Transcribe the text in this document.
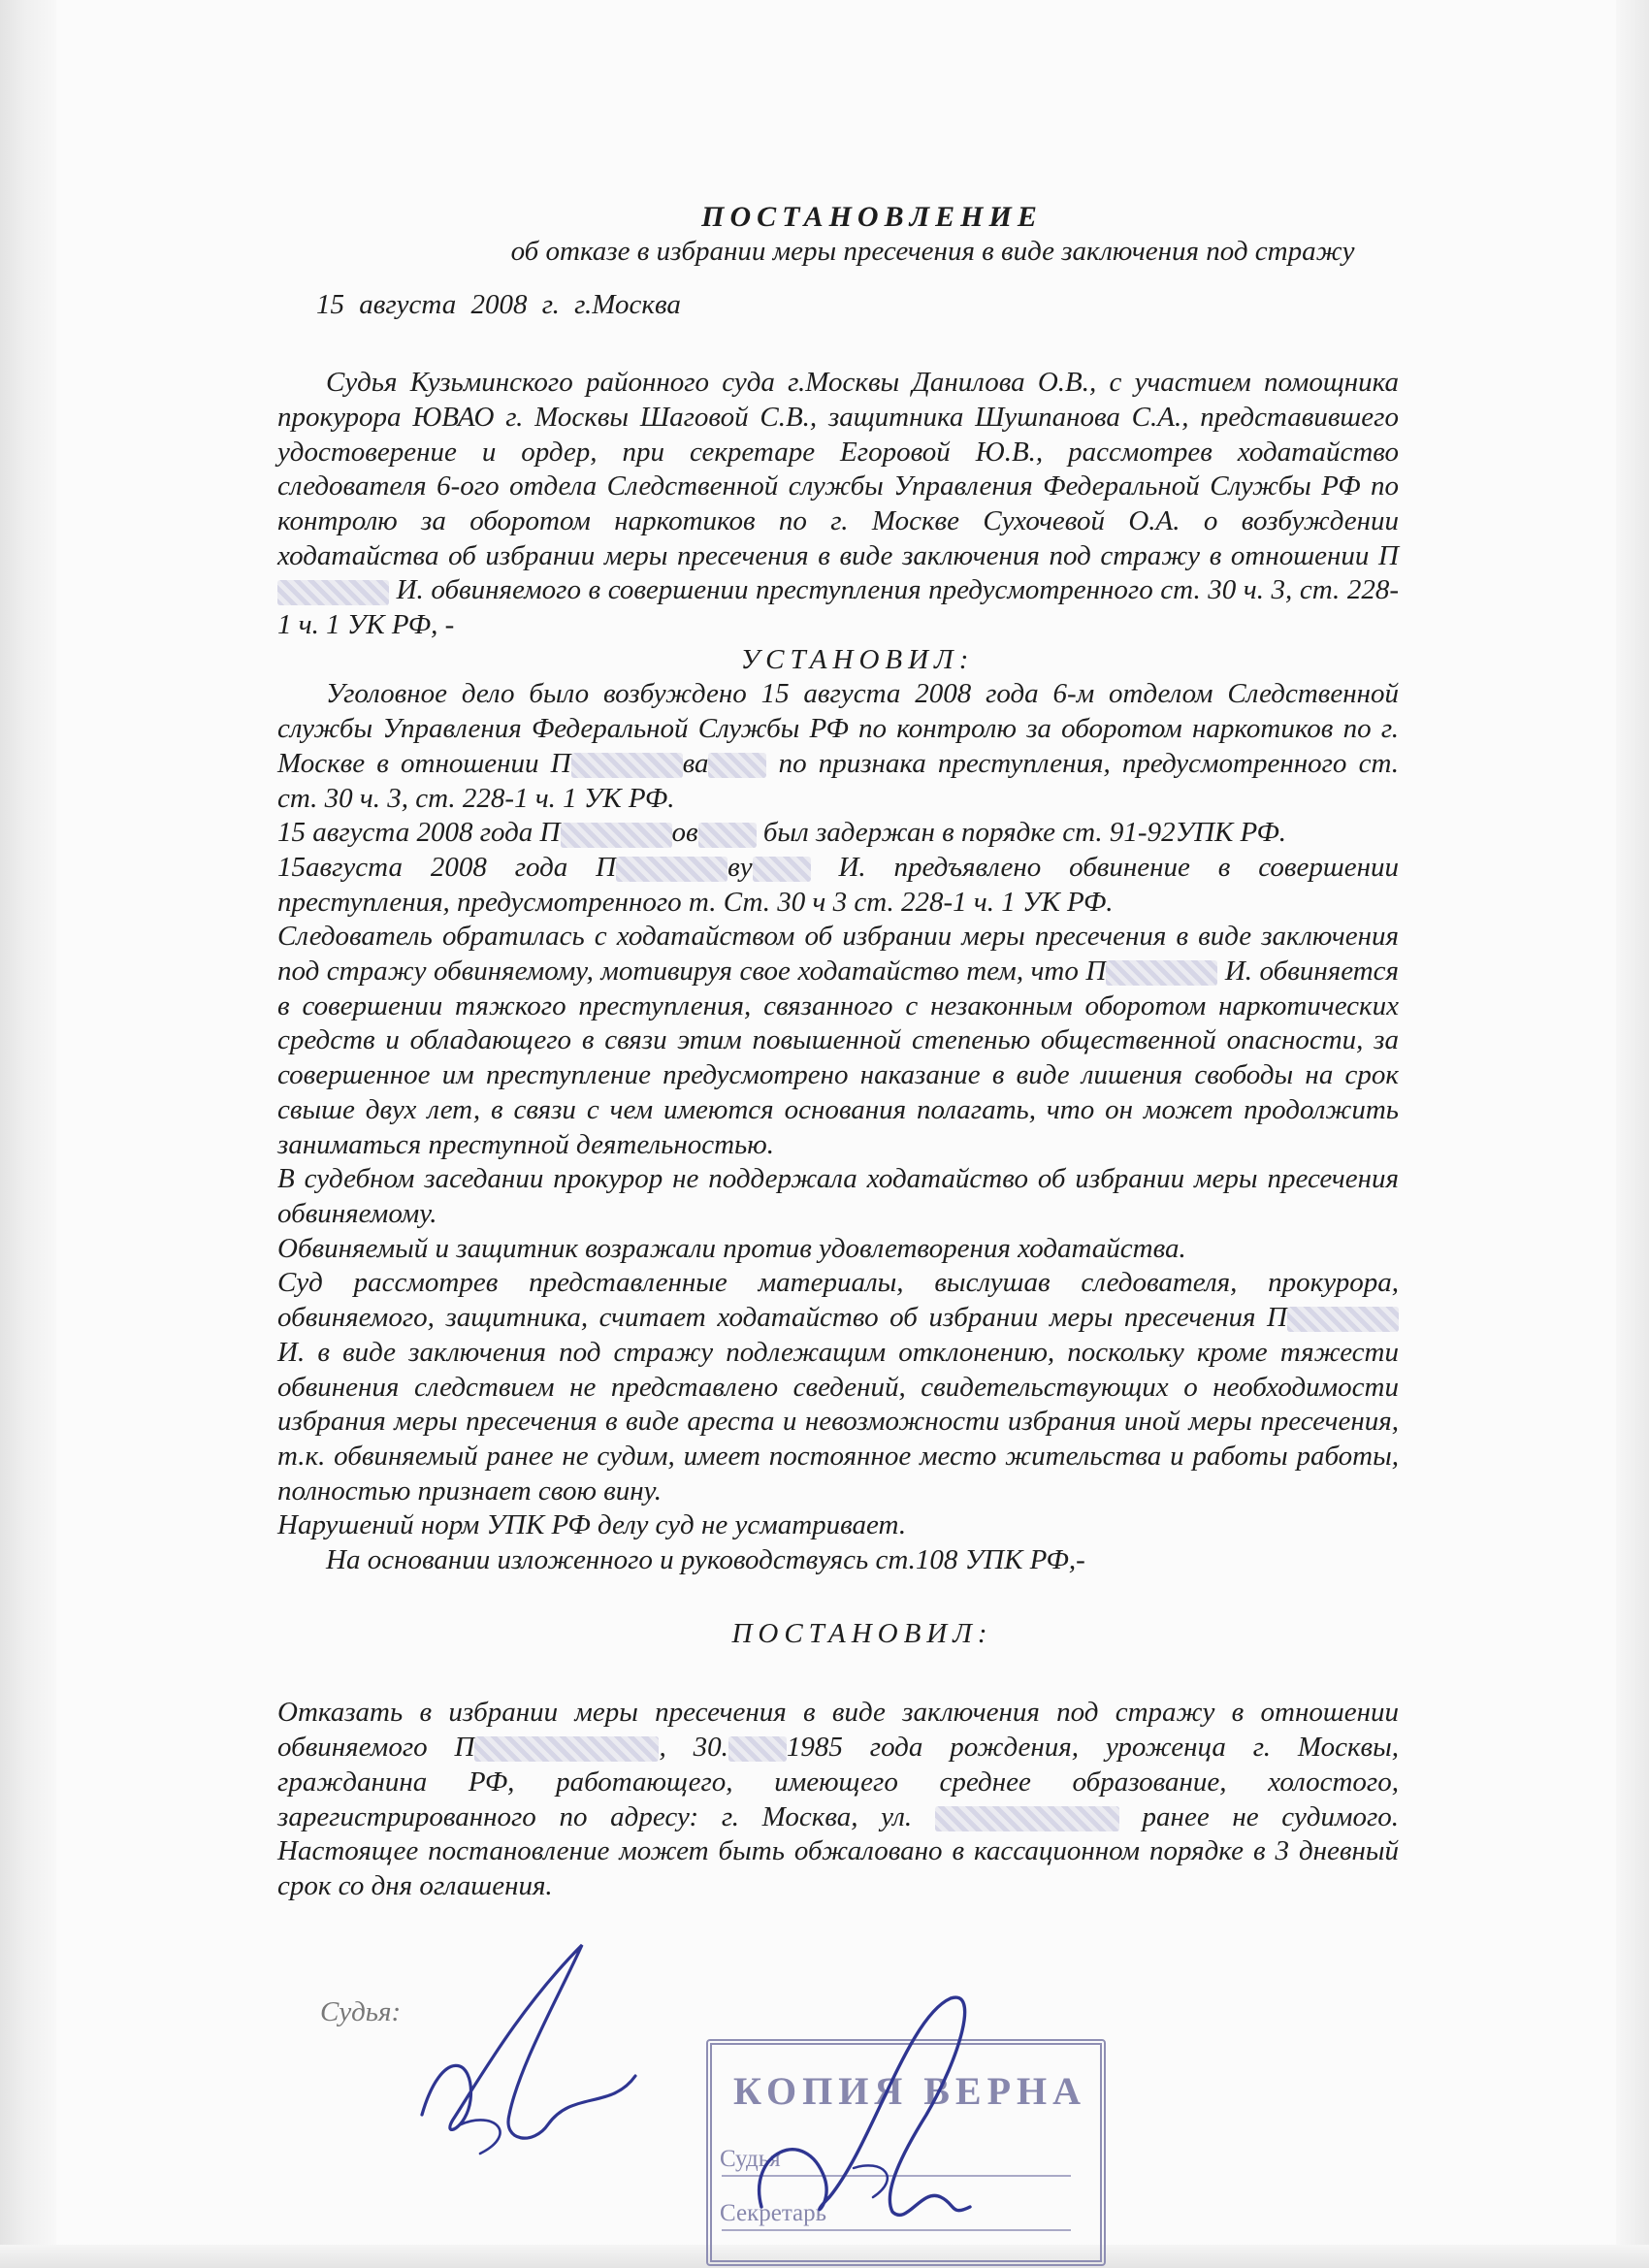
ПОСТАНОВЛЕНИЕ
об отказе в избрании меры пресечения в виде заключения под стражу
15 августа 2008 г. г.Москва

Судья Кузьминского районного суда г.Москвы Данилова О.В., с участием помощника прокурора ЮВАО г. Москвы Шаговой С.В., защитника Шушпанова С.А., представившего удостоверение и ордер, при секретаре Егоровой Ю.В., рассмотрев ходатайство следователя 6-ого отдела Следственной службы Управления Федеральной Службы РФ по контролю за оборотом наркотиков по г. Москве Сухочевой О.А. о возбуждении ходатайства об избрании меры пресечения в виде заключения под стражу в отношении П И. обвиняемого в совершении преступления предусмотренного ст. 30 ч. 3, ст. 228-1 ч. 1 УК РФ, -

УСТАНОВИЛ:

Уголовное дело было возбуждено 15 августа 2008 года 6-м отделом Следственной службы Управления Федеральной Службы РФ по контролю за оборотом наркотиков по г. Москве в отношении П	ва по признака преступления, предусмотренного ст. ст. 30 ч. 3, ст. 228-1 ч. 1 УК РФ.

15 августа 2008 года П	ов был задержан в порядке ст. 91-92УПК РФ.

15августа 2008 года П	ву И. предъявлено обвинение в совершении преступления, предусмотренного т. Ст. 30 ч 3 ст. 228-1 ч. 1 УК РФ.

Следователь обратилась с ходатайством об избрании меры пресечения в виде заключения под стражу обвиняемому, мотивируя свое ходатайство тем, что П	И. обвиняется в совершении тяжкого преступления, связанного с незаконным оборотом наркотических средств и обладающего в связи этим повышенной степенью общественной опасности, за совершенное им преступление предусмотрено наказание в виде лишения свободы на срок свыше двух лет, в связи с чем имеются основания полагать, что он может продолжить заниматься преступной деятельностью.

В судебном заседании прокурор не поддержала ходатайство об избрании меры пресечения обвиняемому.

Обвиняемый и защитник возражали против удовлетворения ходатайства.

Суд рассмотрев представленные материалы, выслушав следователя, прокурора, обвиняемого, защитника, считает ходатайство об избрании меры пресечения П И. в виде заключения под стражу подлежащим отклонению, поскольку кроме тяжести обвинения следствием не представлено сведений, свидетельствующих о необходимости избрания меры пресечения в виде ареста и невозможности избрания иной меры пресечения, т.к. обвиняемый ранее не судим, имеет постоянное место жительства и работы работы, полностью признает свою вину.

Нарушений норм УПК РФ делу суд не усматривает.

На основании изложенного и руководствуясь ст.108 УПК РФ,-

ПОСТАНОВИЛ:

Отказать в избрании меры пресечения в виде заключения под стражу в отношении обвиняемого П	, 30. 1985 года рождения, уроженца г. Москвы, гражданина РФ, работающего, имеющего среднее образование, холостого, зарегистрированного по адресу: г. Москва, ул.	ранее не судимого. Настоящее постановление может быть обжаловано в кассационном порядке в 3 дневный срок со дня оглашения.

Судья:
КОПИЯ ВЕРНА
Судья
Секретарь
